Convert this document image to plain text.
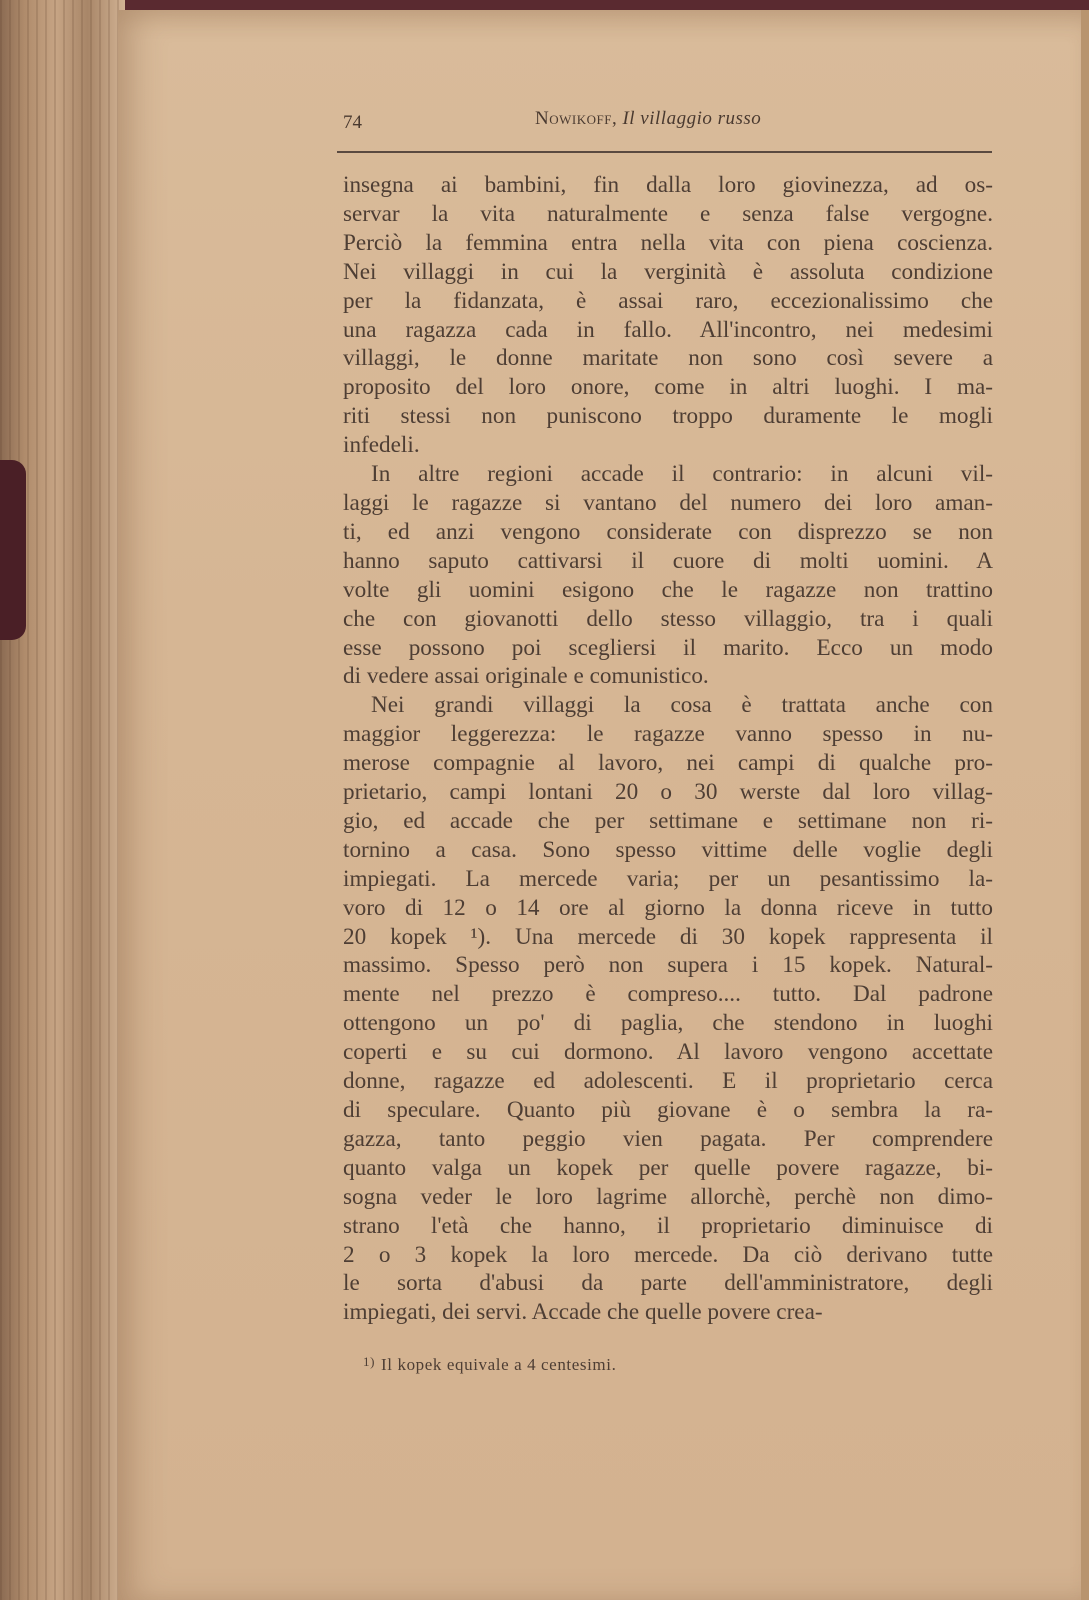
74	Nowikoff, Il villaggio russo
insegna ai bambini, fin dalla loro giovinezza, ad os-
servar la vita naturalmente e senza false vergogne.
Perciò la femmina entra nella vita con piena coscienza.
Nei villaggi in cui la verginità è assoluta condizione
per la fidanzata, è assai raro, eccezionalissimo che
una ragazza cada in fallo. All'incontro, nei medesimi
villaggi, le donne maritate non sono così severe a
proposito del loro onore, come in altri luoghi. I ma-
riti stessi non puniscono troppo duramente le mogli
infedeli.
In altre regioni accade il contrario: in alcuni vil-
laggi le ragazze si vantano del numero dei loro aman-
ti, ed anzi vengono considerate con disprezzo se non
hanno saputo cattivarsi il cuore di molti uomini. A
volte gli uomini esigono che le ragazze non trattino
che con giovanotti dello stesso villaggio, tra i quali
esse possono poi scegliersi il marito. Ecco un modo
di vedere assai originale e comunistico.
Nei grandi villaggi la cosa è trattata anche con
maggior leggerezza: le ragazze vanno spesso in nu-
merose compagnie al lavoro, nei campi di qualche pro-
prietario, campi lontani 20 o 30 werste dal loro villag-
gio, ed accade che per settimane e settimane non ri-
tornino a casa. Sono spesso vittime delle voglie degli
impiegati. La mercede varia; per un pesantissimo la-
voro di 12 o 14 ore al giorno la donna riceve in tutto
20 kopek ¹). Una mercede di 30 kopek rappresenta il
massimo. Spesso però non supera i 15 kopek. Natural-
mente nel prezzo è compreso.... tutto. Dal padrone
ottengono un po' di paglia, che stendono in luoghi
coperti e su cui dormono. Al lavoro vengono accettate
donne, ragazze ed adolescenti. E il proprietario cerca
di speculare. Quanto più giovane è o sembra la ra-
gazza, tanto peggio vien pagata. Per comprendere
quanto valga un kopek per quelle povere ragazze, bi-
sogna veder le loro lagrime allorchè, perchè non dimo-
strano l'età che hanno, il proprietario diminuisce di
2 o 3 kopek la loro mercede. Da ciò derivano tutte
le sorta d'abusi da parte dell'amministratore, degli
impiegati, dei servi. Accade che quelle povere crea-
$^{1)}$ Il kopek equivale a 4 centesimi.
